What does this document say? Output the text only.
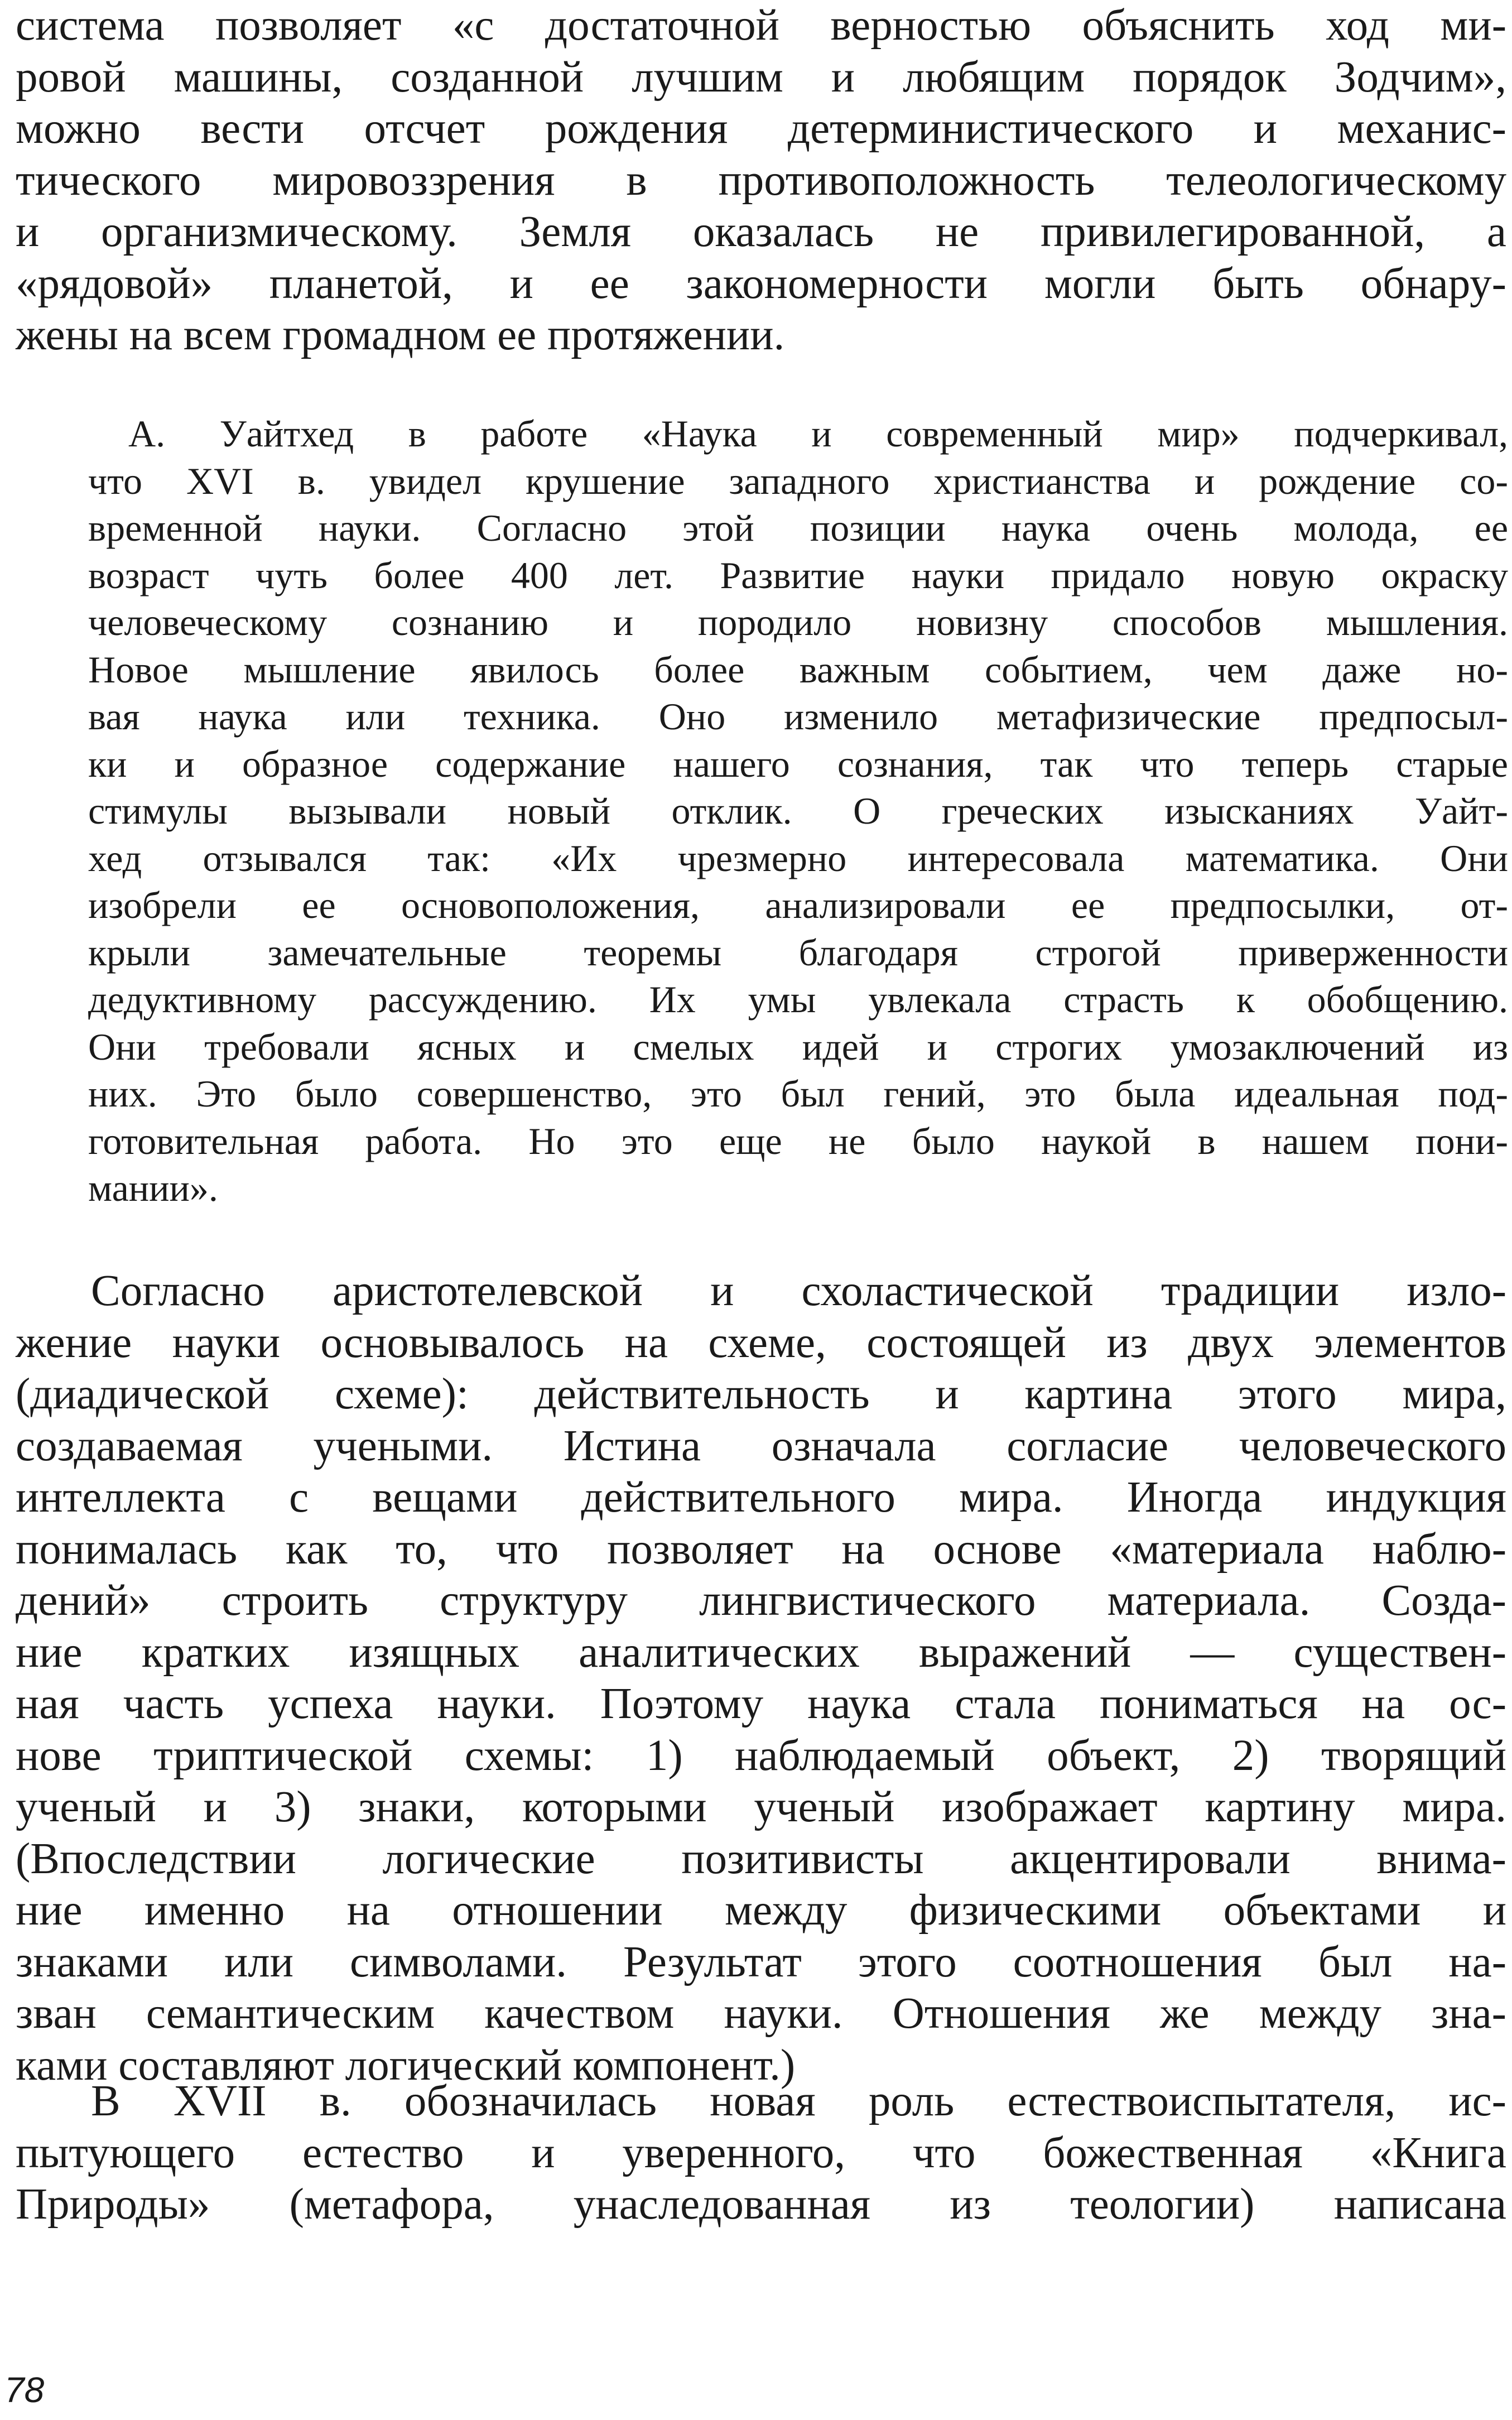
система позволяет «с достаточной верностью объяснить ход ми-
ровой машины, созданной лучшим и любящим порядок Зодчим»,
можно вести отсчет рождения детерминистического и механис-
тического мировоззрения в противоположность телеологическому
и организмическому. Земля оказалась не привилегированной, а
«рядовой» планетой, и ее закономерности могли быть обнару-
жены на всем громадном ее протяжении.
А. Уайтхед в работе «Наука и современный мир» подчеркивал,
что XVI в. увидел крушение западного христианства и рождение со-
временной науки. Согласно этой позиции наука очень молода, ее
возраст чуть более 400 лет. Развитие науки придало новую окраску
человеческому сознанию и породило новизну способов мышления.
Новое мышление явилось более важным событием, чем даже но-
вая наука или техника. Оно изменило метафизические предпосыл-
ки и образное содержание нашего сознания, так что теперь старые
стимулы вызывали новый отклик. О греческих изысканиях Уайт-
хед отзывался так: «Их чрезмерно интересовала математика. Они
изобрели ее основоположения, анализировали ее предпосылки, от-
крыли замечательные теоремы благодаря строгой приверженности
дедуктивному рассуждению. Их умы увлекала страсть к обобщению.
Они требовали ясных и смелых идей и строгих умозаключений из
них. Это было совершенство, это был гений, это была идеальная под-
готовительная работа. Но это еще не было наукой в нашем пони-
мании».
Согласно аристотелевской и схоластической традиции изло-
жение науки основывалось на схеме, состоящей из двух элементов
(диадической схеме): действительность и картина этого мира,
создаваемая учеными. Истина означала согласие человеческого
интеллекта с вещами действительного мира. Иногда индукция
понималась как то, что позволяет на основе «материала наблю-
дений» строить структуру лингвистического материала. Созда-
ние кратких изящных аналитических выражений — существен-
ная часть успеха науки. Поэтому наука стала пониматься на ос-
нове триптической схемы: 1) наблюдаемый объект, 2) творящий
ученый и 3) знаки, которыми ученый изображает картину мира.
(Впоследствии логические позитивисты акцентировали внима-
ние именно на отношении между физическими объектами и
знаками или символами. Результат этого соотношения был на-
зван семантическим качеством науки. Отношения же между зна-
ками составляют логический компонент.)
В XVII в. обозначилась новая роль естествоиспытателя, ис-
пытующего естество и уверенного, что божественная «Книга
Природы» (метафора, унаследованная из теологии) написана
78
